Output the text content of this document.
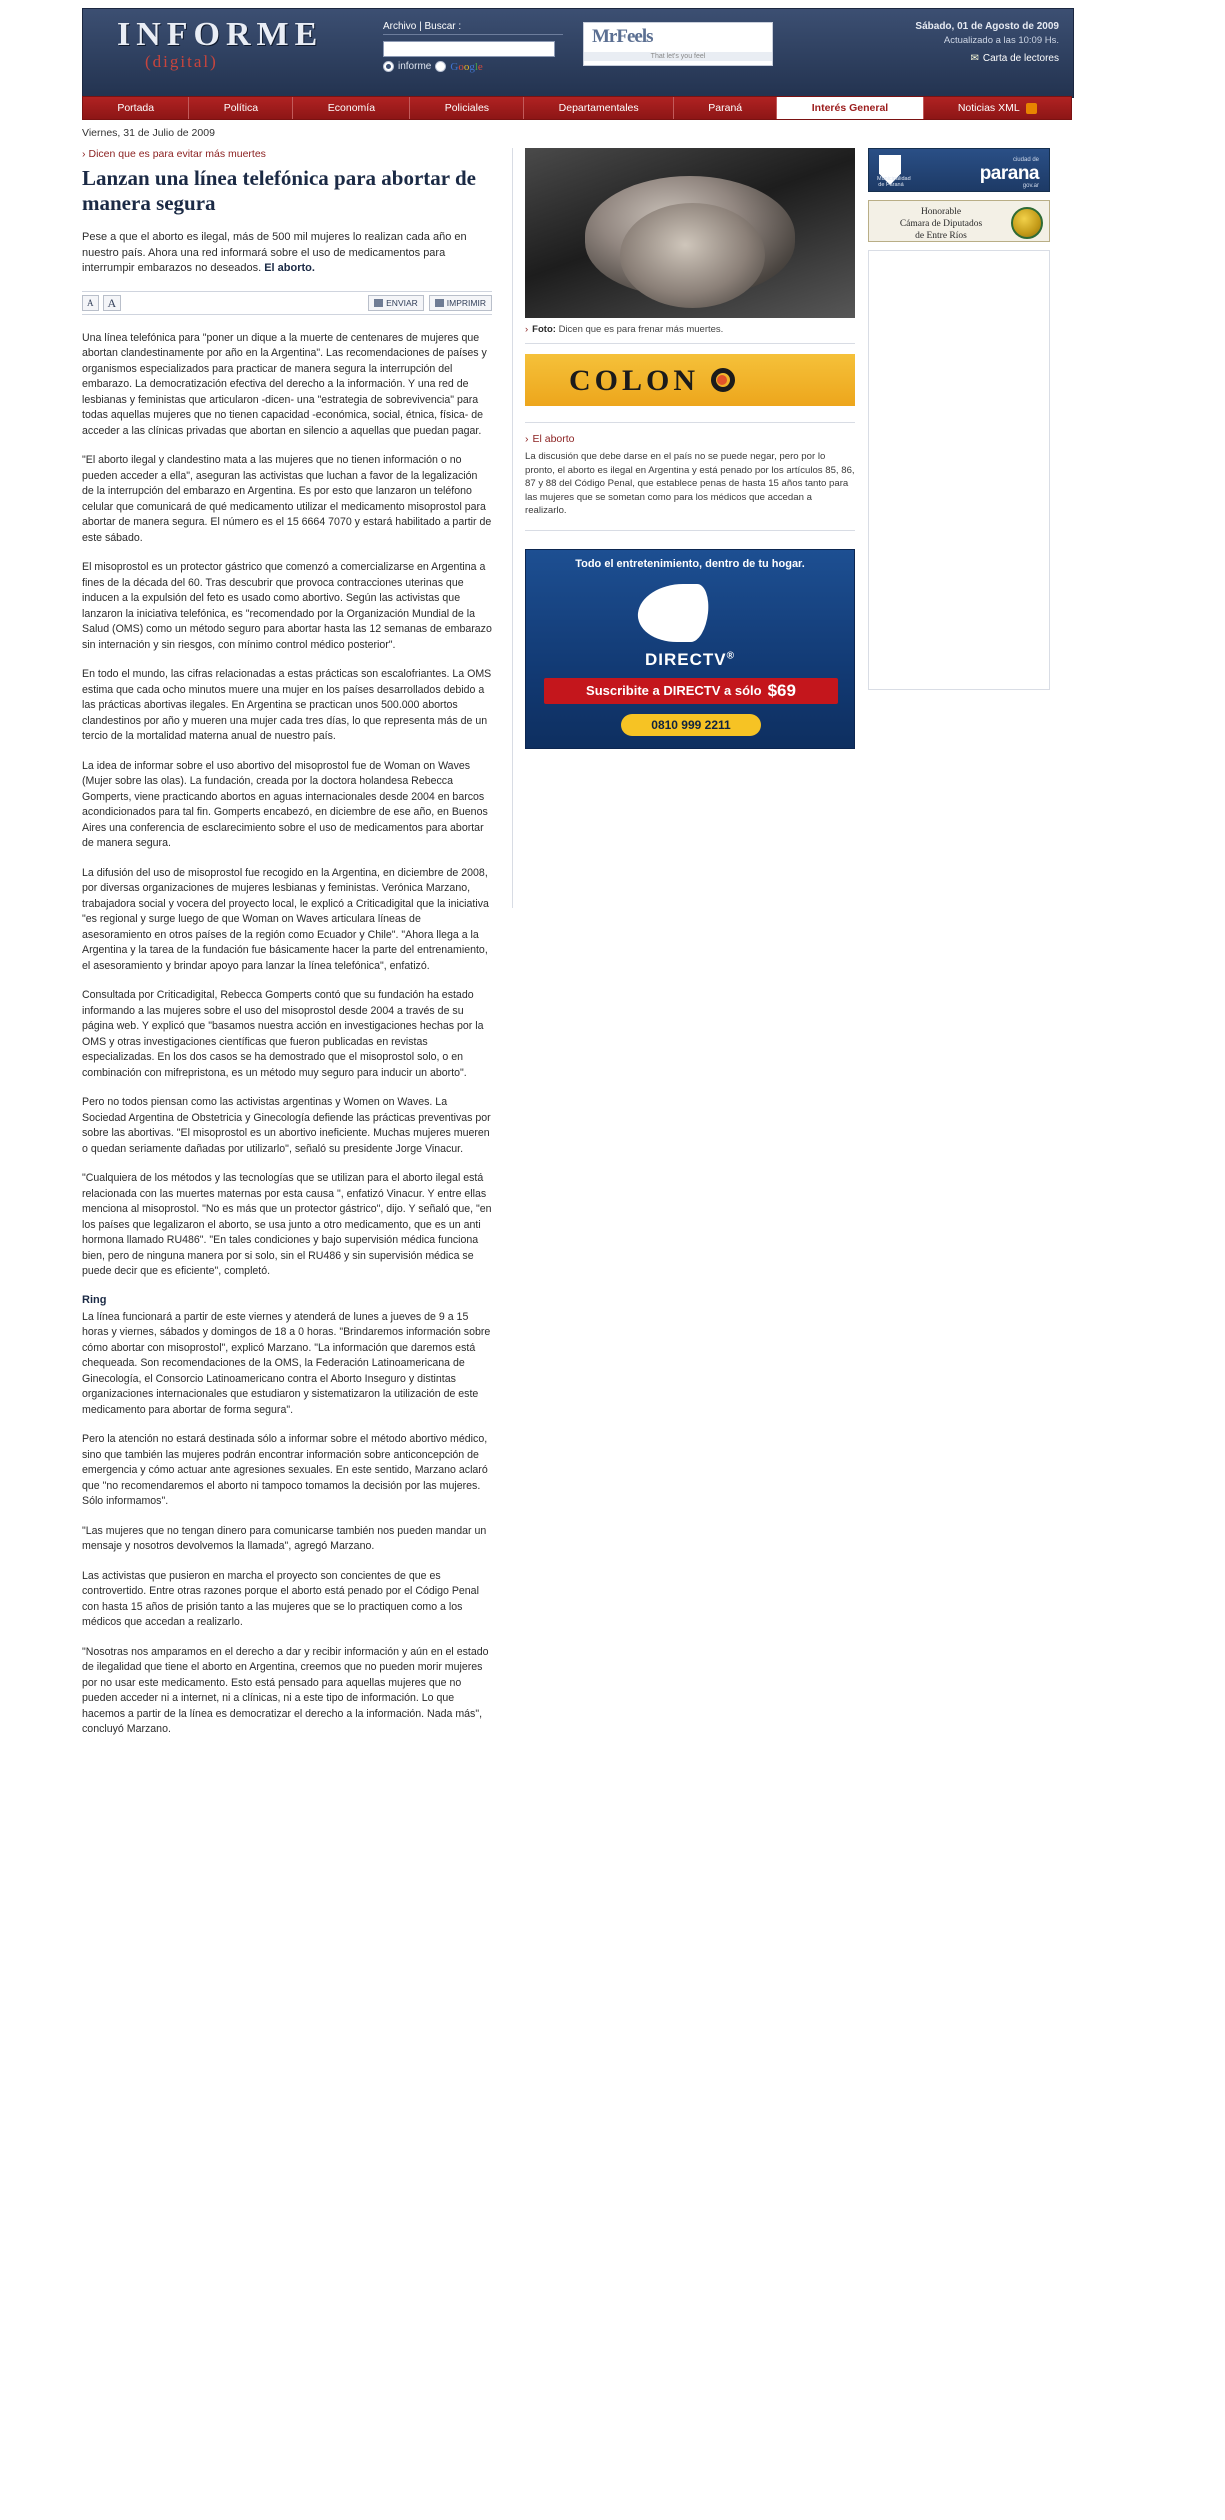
INFORME
(digital)
Archivo | Buscar :
informe Google
MrFeels
That let's you feel
Sábado, 01 de Agosto de 2009
Actualizado a las 10:09 Hs.
✉ Carta de lectores
Portada	Política	Economía	Policiales	Departamentales	Paraná	Interés General	Noticias XML
Viernes, 31 de Julio de 2009
› Dicen que es para evitar más muertes
Lanzan una línea telefónica para abortar de manera segura

Pese a que el aborto es ilegal, más de 500 mil mujeres lo realizan cada año en nuestro país. Ahora una red informará sobre el uso de medicamentos para interrumpir embarazos no deseados. El aborto.

A	A	ENVIAR	IMPRIMIR

Una línea telefónica para "poner un dique a la muerte de centenares de mujeres que abortan clandestinamente por año en la Argentina". Las recomendaciones de países y organismos especializados para practicar de manera segura la interrupción del embarazo. La democratización efectiva del derecho a la información. Y una red de lesbianas y feministas que articularon -dicen- una "estrategia de sobrevivencia" para todas aquellas mujeres que no tienen capacidad -económica, social, étnica, física- de acceder a las clínicas privadas que abortan en silencio a aquellas que puedan pagar.

"El aborto ilegal y clandestino mata a las mujeres que no tienen información o no pueden acceder a ella", aseguran las activistas que luchan a favor de la legalización de la interrupción del embarazo en Argentina. Es por esto que lanzaron un teléfono celular que comunicará de qué medicamento utilizar el medicamento misoprostol para abortar de manera segura. El número es el 15 6664 7070 y estará habilitado a partir de este sábado.

El misoprostol es un protector gástrico que comenzó a comercializarse en Argentina a fines de la década del 60. Tras descubrir que provoca contracciones uterinas que inducen a la expulsión del feto es usado como abortivo. Según las activistas que lanzaron la iniciativa telefónica, es "recomendado por la Organización Mundial de la Salud (OMS) como un método seguro para abortar hasta las 12 semanas de embarazo sin internación y sin riesgos, con mínimo control médico posterior".

En todo el mundo, las cifras relacionadas a estas prácticas son escalofriantes. La OMS estima que cada ocho minutos muere una mujer en los países desarrollados debido a las prácticas abortivas ilegales. En Argentina se practican unos 500.000 abortos clandestinos por año y mueren una mujer cada tres días, lo que representa más de un tercio de la mortalidad materna anual de nuestro país.

La idea de informar sobre el uso abortivo del misoprostol fue de Woman on Waves (Mujer sobre las olas). La fundación, creada por la doctora holandesa Rebecca Gomperts, viene practicando abortos en aguas internacionales desde 2004 en barcos acondicionados para tal fin. Gomperts encabezó, en diciembre de ese año, en Buenos Aires una conferencia de esclarecimiento sobre el uso de medicamentos para abortar de manera segura.

La difusión del uso de misoprostol fue recogido en la Argentina, en diciembre de 2008, por diversas organizaciones de mujeres lesbianas y feministas. Verónica Marzano, trabajadora social y vocera del proyecto local, le explicó a Criticadigital que la iniciativa "es regional y surge luego de que Woman on Waves articulara líneas de asesoramiento en otros países de la región como Ecuador y Chile". "Ahora llega a la Argentina y la tarea de la fundación fue básicamente hacer la parte del entrenamiento, el asesoramiento y brindar apoyo para lanzar la línea telefónica", enfatizó.

Consultada por Criticadigital, Rebecca Gomperts contó que su fundación ha estado informando a las mujeres sobre el uso del misoprostol desde 2004 a través de su página web. Y explicó que "basamos nuestra acción en investigaciones hechas por la OMS y otras investigaciones científicas que fueron publicadas en revistas especializadas. En los dos casos se ha demostrado que el misoprostol solo, o en combinación con mifrepristona, es un método muy seguro para inducir un aborto".

Pero no todos piensan como las activistas argentinas y Women on Waves. La Sociedad Argentina de Obstetricia y Ginecología defiende las prácticas preventivas por sobre las abortivas. "El misoprostol es un abortivo ineficiente. Muchas mujeres mueren o quedan seriamente dañadas por utilizarlo", señaló su presidente Jorge Vinacur.

"Cualquiera de los métodos y las tecnologías que se utilizan para el aborto ilegal está relacionada con las muertes maternas por esta causa ", enfatizó Vinacur. Y entre ellas menciona al misoprostol. "No es más que un protector gástrico", dijo. Y señaló que, "en los países que legalizaron el aborto, se usa junto a otro medicamento, que es un anti hormona llamado RU486". "En tales condiciones y bajo supervisión médica funciona bien, pero de ninguna manera por si solo, sin el RU486 y sin supervisión médica se puede decir que es eficiente", completó.

Ring

La línea funcionará a partir de este viernes y atenderá de lunes a jueves de 9 a 15 horas y viernes, sábados y domingos de 18 a 0 horas. "Brindaremos información sobre cómo abortar con misoprostol", explicó Marzano. "La información que daremos está chequeada. Son recomendaciones de la OMS, la Federación Latinoamericana de Ginecología, el Consorcio Latinoamericano contra el Aborto Inseguro y distintas organizaciones internacionales que estudiaron y sistematizaron la utilización de este medicamento para abortar de forma segura".

Pero la atención no estará destinada sólo a informar sobre el método abortivo médico, sino que también las mujeres podrán encontrar información sobre anticoncepción de emergencia y cómo actuar ante agresiones sexuales. En este sentido, Marzano aclaró que "no recomendaremos el aborto ni tampoco tomamos la decisión por las mujeres. Sólo informamos".

"Las mujeres que no tengan dinero para comunicarse también nos pueden mandar un mensaje y nosotros devolvemos la llamada", agregó Marzano.

Las activistas que pusieron en marcha el proyecto son concientes de que es controvertido. Entre otras razones porque el aborto está penado por el Código Penal con hasta 15 años de prisión tanto a las mujeres que se lo practiquen como a los médicos que accedan a realizarlo.

"Nosotras nos amparamos en el derecho a dar y recibir información y aún en el estado de ilegalidad que tiene el aborto en Argentina, creemos que no pueden morir mujeres por no usar este medicamento. Esto está pensado para aquellas mujeres que no pueden acceder ni a internet, ni a clínicas, ni a este tipo de información. Lo que hacemos a partir de la línea es democratizar el derecho a la información. Nada más", concluyó Marzano.

› Foto: Dicen que es para frenar más muertes.
COLON
› El aborto

La discusión que debe darse en el país no se puede negar, pero por lo pronto, el aborto es ilegal en Argentina y está penado por los artículos 85, 86, 87 y 88 del Código Penal, que establece penas de hasta 15 años tanto para las mujeres que se sometan como para los médicos que accedan a realizarlo.

Todo el entretenimiento, dentro de tu hogar.
DIRECTV®
Suscribite a DIRECTV a sólo $69
0810 999 2211
Municipalidad de Paraná
ciudad de
parana
gov.ar
Honorable
Cámara de Diputados
de Entre Ríos
